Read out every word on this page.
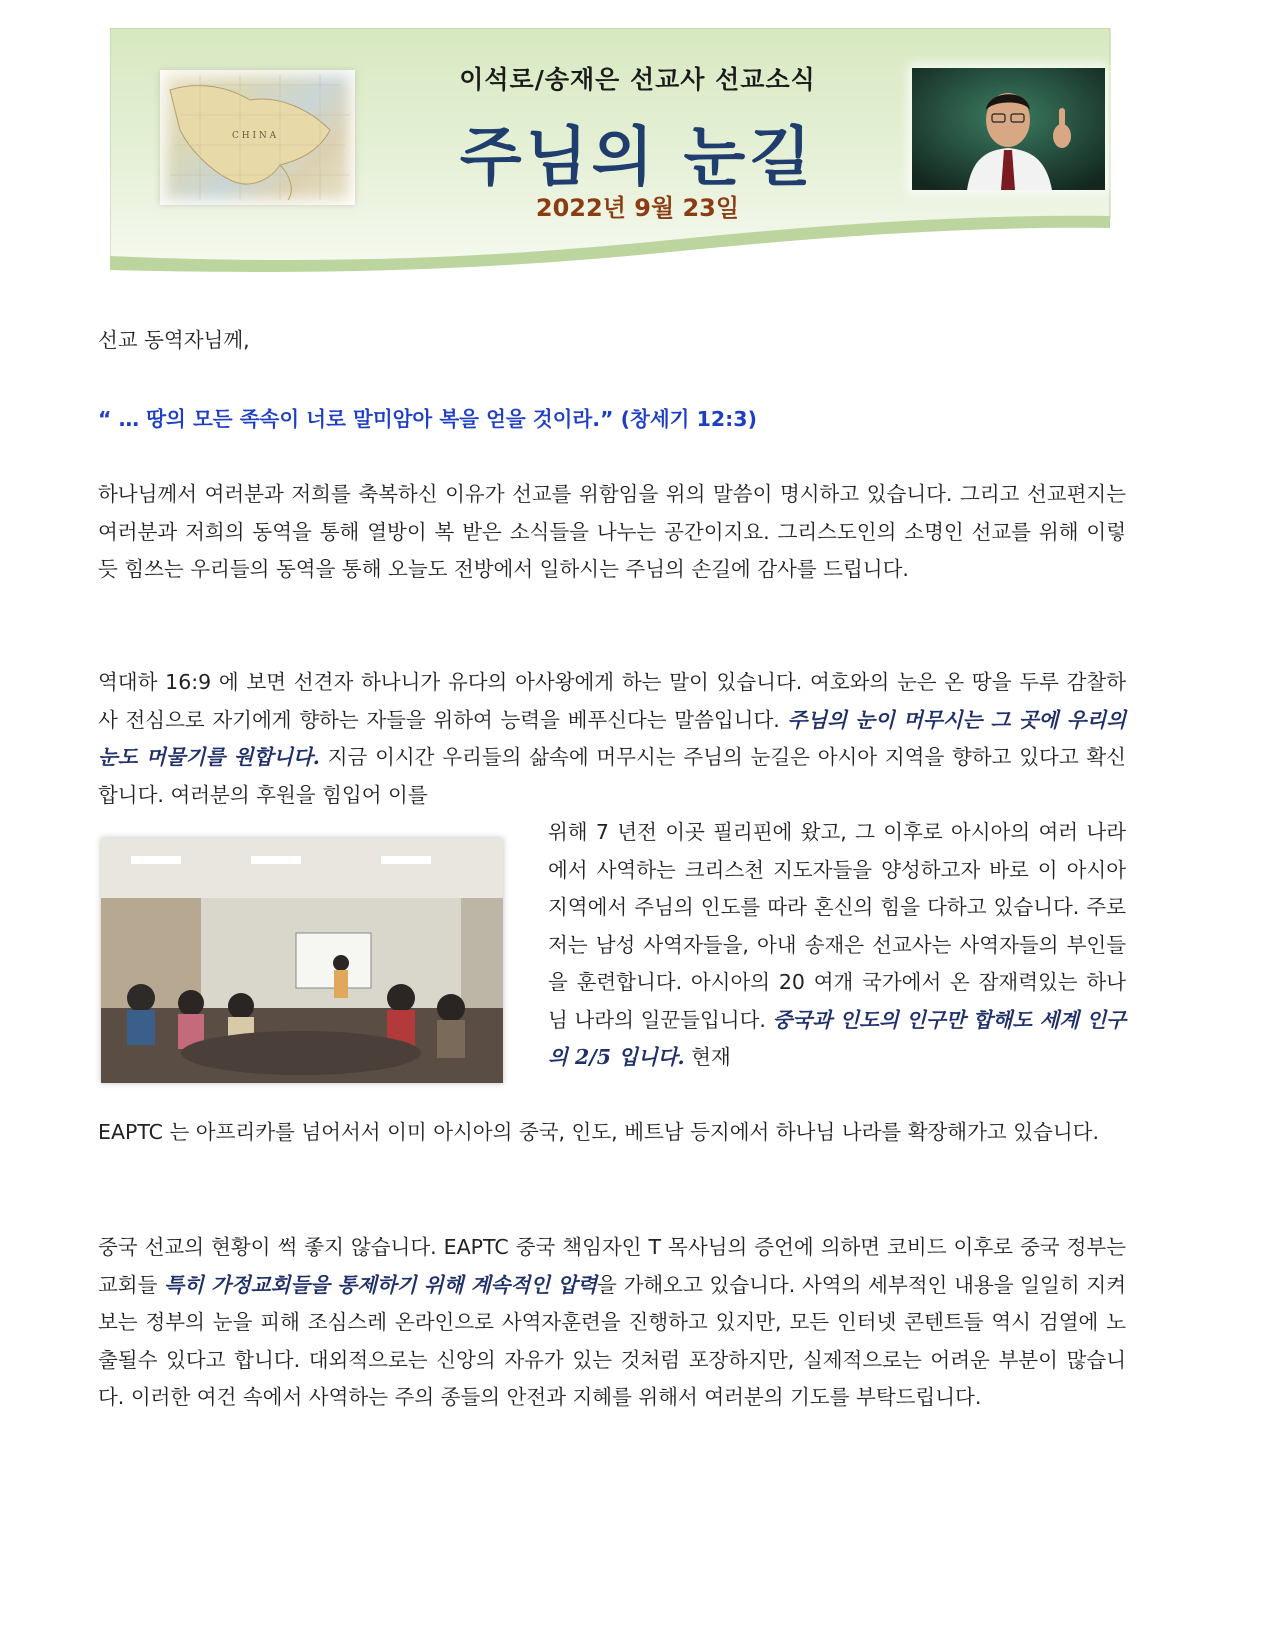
C H I N A
이석로/송재은 선교사 선교소식
주님의 눈길
2022년 9월 23일
선교 동역자님께,
“ … 땅의 모든 족속이 너로 말미암아 복을 얻을 것이라.” (창세기 12:3)
하나님께서 여러분과 저희를 축복하신 이유가 선교를 위함임을 위의 말씀이 명시하고 있습니다. 그리고 선교편지는 여러분과 저희의 동역을 통해 열방이 복 받은 소식들을 나누는 공간이지요. 그리스도인의 소명인 선교를 위해 이렇듯 힘쓰는 우리들의 동역을 통해 오늘도 전방에서 일하시는 주님의 손길에 감사를 드립니다.
역대하 16:9 에 보면 선견자 하나니가 유다의 아사왕에게 하는 말이 있습니다. 여호와의 눈은 온 땅을 두루 감찰하사 전심으로 자기에게 향하는 자들을 위하여 능력을 베푸신다는 말씀입니다. 주님의 눈이 머무시는 그 곳에 우리의 눈도 머물기를 원합니다. 지금 이시간 우리들의 삶속에 머무시는 주님의 눈길은 아시아 지역을 향하고 있다고 확신합니다. 여러분의 후원을 힘입어 이를
위해 7 년전 이곳 필리핀에 왔고, 그 이후로 아시아의 여러 나라에서 사역하는 크리스천 지도자들을 양성하고자 바로 이 아시아 지역에서 주님의 인도를 따라 혼신의 힘을 다하고 있습니다. 주로 저는 남성 사역자들을, 아내 송재은 선교사는 사역자들의 부인들을 훈련합니다. 아시아의 20 여개 국가에서 온 잠재력있는 하나님 나라의 일꾼들입니다. 중국과 인도의 인구만 합해도 세계 인구의 2/5 입니다. 현재
EAPTC 는 아프리카를 넘어서서 이미 아시아의 중국, 인도, 베트남 등지에서 하나님 나라를 확장해가고 있습니다.
중국 선교의 현황이 썩 좋지 않습니다. EAPTC 중국 책임자인 T 목사님의 증언에 의하면 코비드 이후로 중국 정부는 교회들 특히 가정교회들을 통제하기 위해 계속적인 압력을 가해오고 있습니다. 사역의 세부적인 내용을 일일히 지켜보는 정부의 눈을 피해 조심스레 온라인으로 사역자훈련을 진행하고 있지만, 모든 인터넷 콘텐트들 역시 검열에 노출될수 있다고 합니다. 대외적으로는 신앙의 자유가 있는 것처럼 포장하지만, 실제적으로는 어려운 부분이 많습니다. 이러한 여건 속에서 사역하는 주의 종들의 안전과 지혜를 위해서 여러분의 기도를 부탁드립니다.
